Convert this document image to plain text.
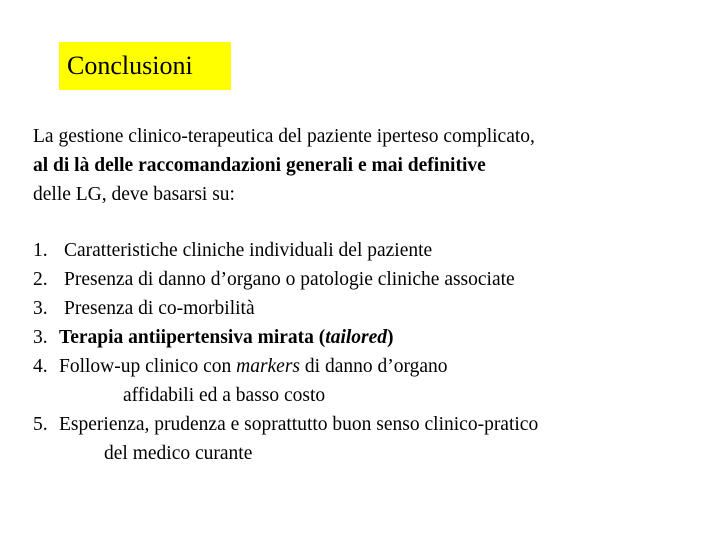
Conclusioni
La gestione clinico-terapeutica del paziente iperteso complicato,
al di là delle raccomandazioni generali e mai definitive
delle LG, deve basarsi su:
1. Caratteristiche cliniche individuali del paziente
2. Presenza di danno d’organo o patologie cliniche associate
3. Presenza di co-morbilità
3. Terapia antiipertensiva mirata (tailored)
4. Follow-up clinico con markers di danno d’organo
affidabili ed a basso costo
5. Esperienza, prudenza e soprattutto buon senso clinico-pratico
del medico curante
